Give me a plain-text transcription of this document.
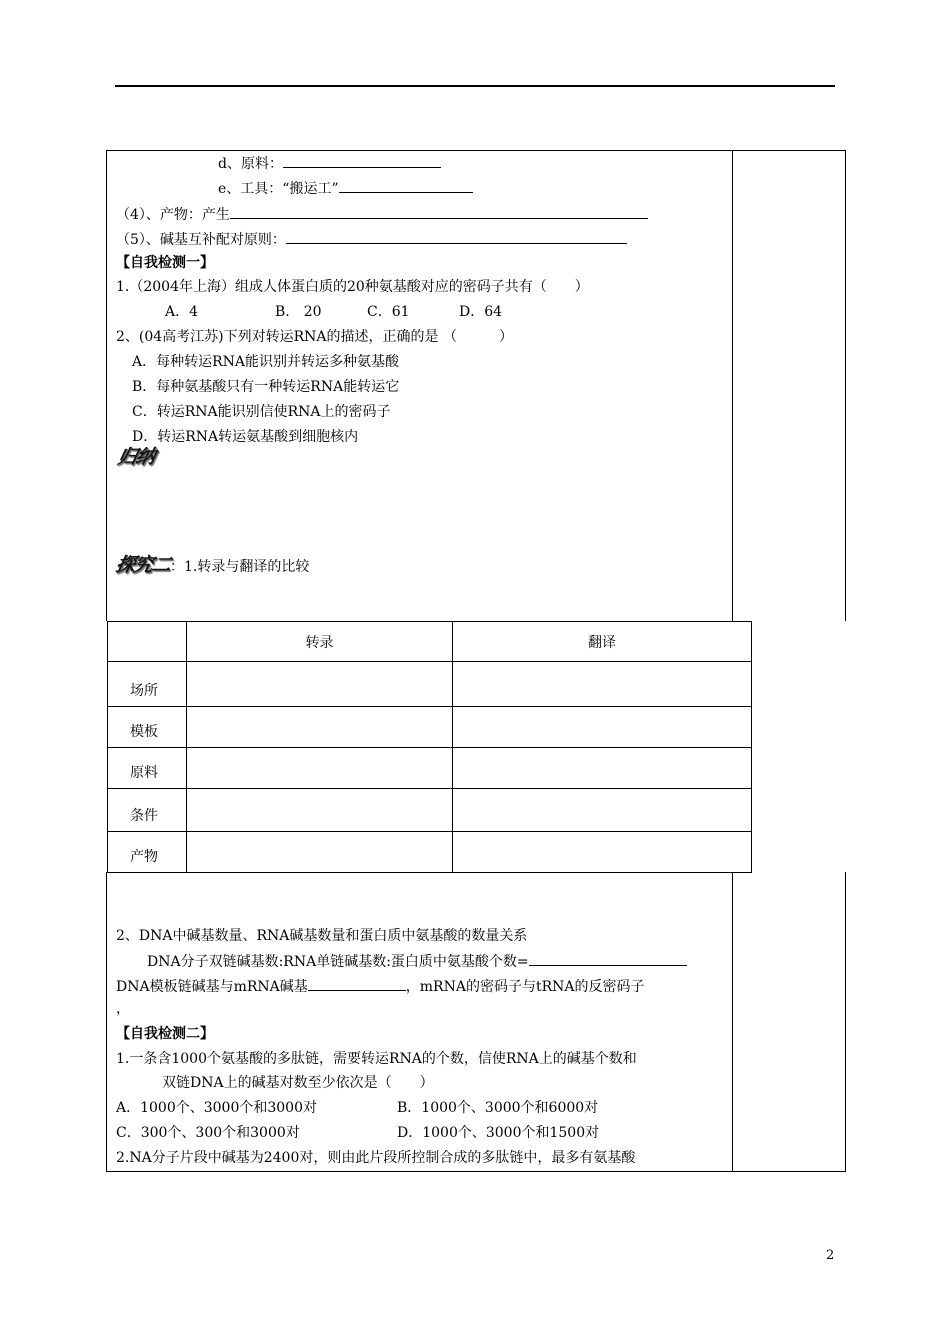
d、原料：
e、工具：“搬运工”
（4）、产物：产生
（5）、碱基互补配对原则：
【自我检测一】
1.（2004年上海）组成人体蛋白质的20种氨基酸对应的密码子共有（　　）
A．4	B.　20	C．61	D．64
2、(04高考江苏)下列对转运RNA的描述，正确的是 （　　　）
A．每种转运RNA能识别并转运多种氨基酸
B．每种氨基酸只有一种转运RNA能转运它
C．转运RNA能识别信使RNA上的密码子
D．转运RNA转运氨基酸到细胞核内
归纳
探究二：1.转录与翻译的比较
	转录	翻译
场所		
模板		
原料		
条件		
产物		
2、DNA中碱基数量、RNA碱基数量和蛋白质中氨基酸的数量关系
DNA分子双链碱基数:RNA单链碱基数:蛋白质中氨基酸个数=
DNA模板链碱基与mRNA碱基	，mRNA的密码子与tRNA的反密码子
，
【自我检测二】
1.一条含1000个氨基酸的多肽链，需要转运RNA的个数，信使RNA上的碱基个数和
双链DNA上的碱基对数至少依次是（　　）
A．1000个、3000个和3000对	B．1000个、3000个和6000对
C．300个、300个和3000对	D．1000个、3000个和1500对
2.NA分子片段中碱基为2400对，则由此片段所控制合成的多肽链中，最多有氨基酸
2
